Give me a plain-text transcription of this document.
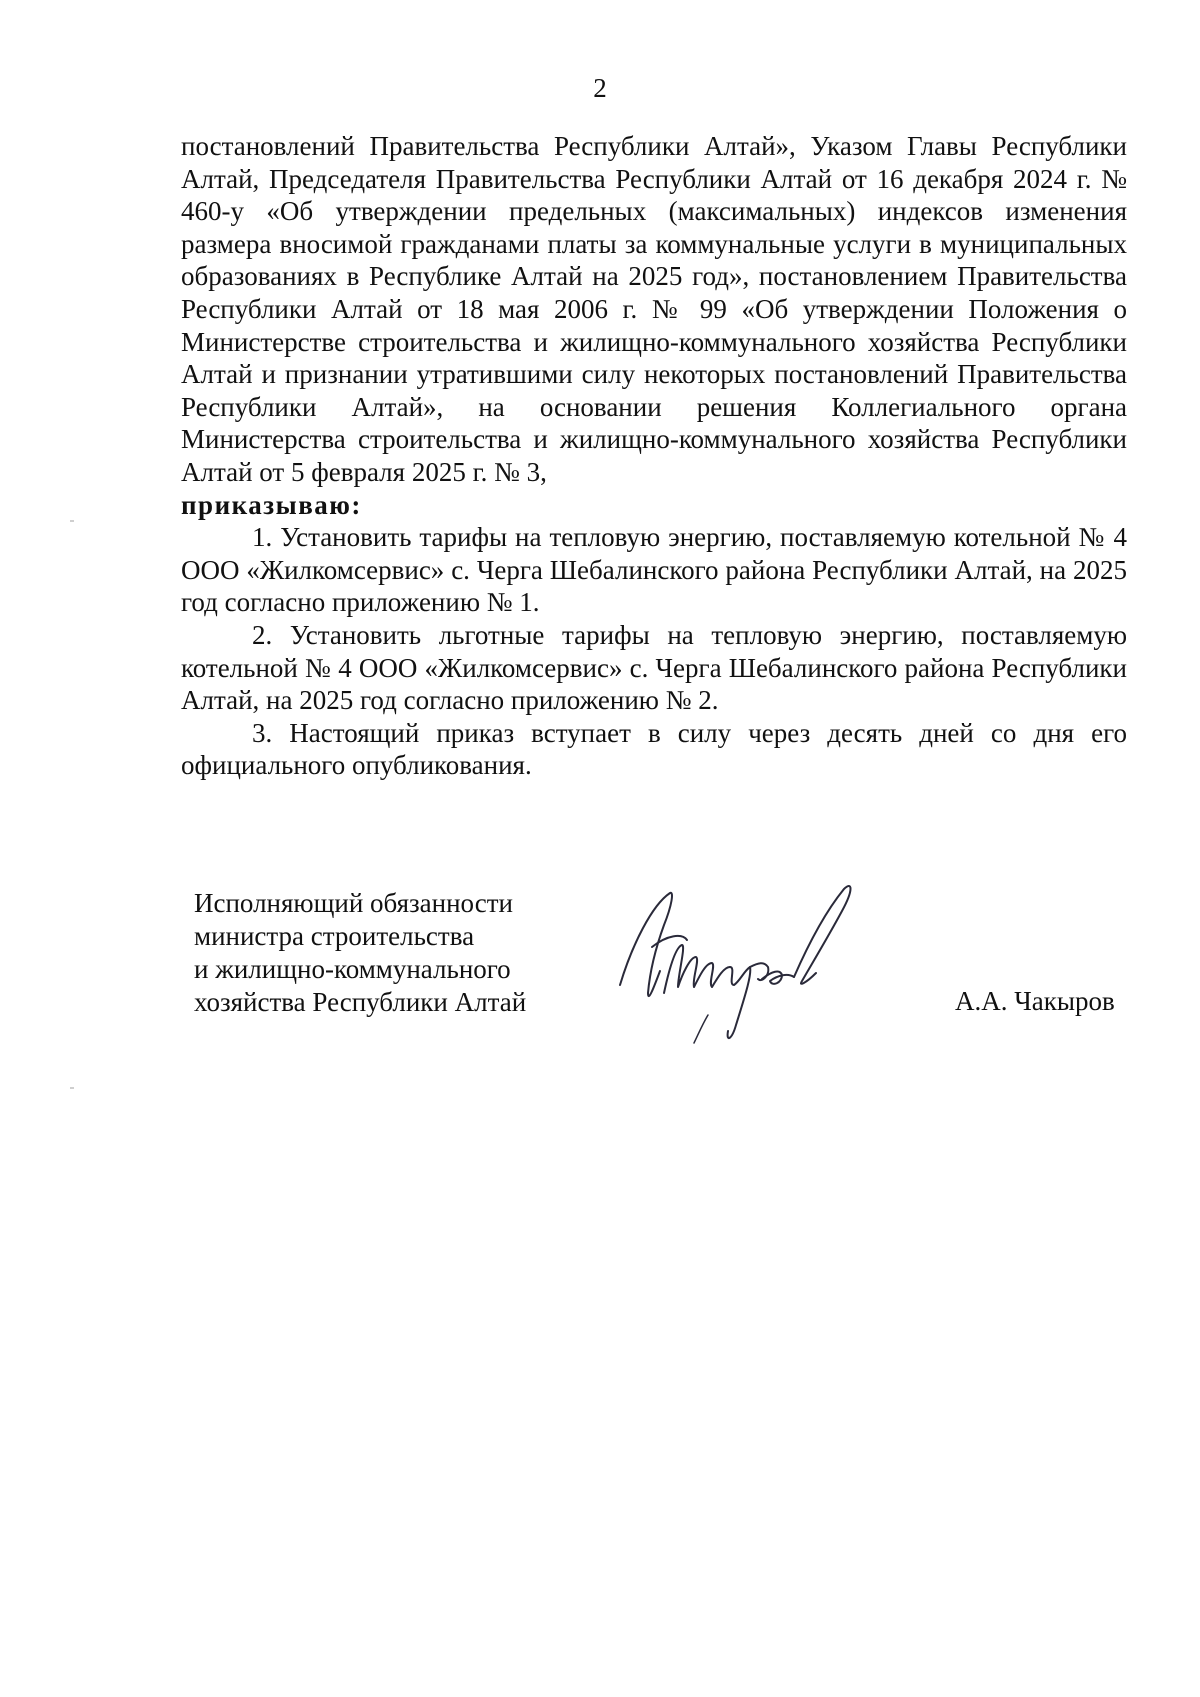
2

постановлений Правительства Республики Алтай», Указом Главы Республики Алтай, Председателя Правительства Республики Алтай от 16 декабря 2024 г. № 460-у «Об утверждении предельных (максимальных) индексов изменения размера вносимой гражданами платы за коммунальные услуги в муниципальных образованиях в Республике Алтай на 2025 год», постановлением Правительства Республики Алтай от 18 мая 2006 г. № 99 «Об утверждении Положения о Министерстве строительства и жилищно-коммунального хозяйства Республики Алтай и признании утратившими силу некоторых постановлений Правительства Республики Алтай», на основании решения Коллегиального органа Министерства строительства и жилищно-коммунального хозяйства Республики Алтай от 5 февраля 2025 г. № 3,

приказываю:

1. Установить тарифы на тепловую энергию, поставляемую котельной № 4 ООО «Жилкомсервис» с. Черга Шебалинского района Республики Алтай, на 2025 год согласно приложению № 1.

2. Установить льготные тарифы на тепловую энергию, поставляемую котельной № 4 ООО «Жилкомсервис» с. Черга Шебалинского района Республики Алтай, на 2025 год согласно приложению № 2.

3. Настоящий приказ вступает в силу через десять дней со дня его официального опубликования.

Исполняющий обязанности
министра строительства
и жилищно-коммунального
хозяйства Республики Алтай	А.А. Чакыров
